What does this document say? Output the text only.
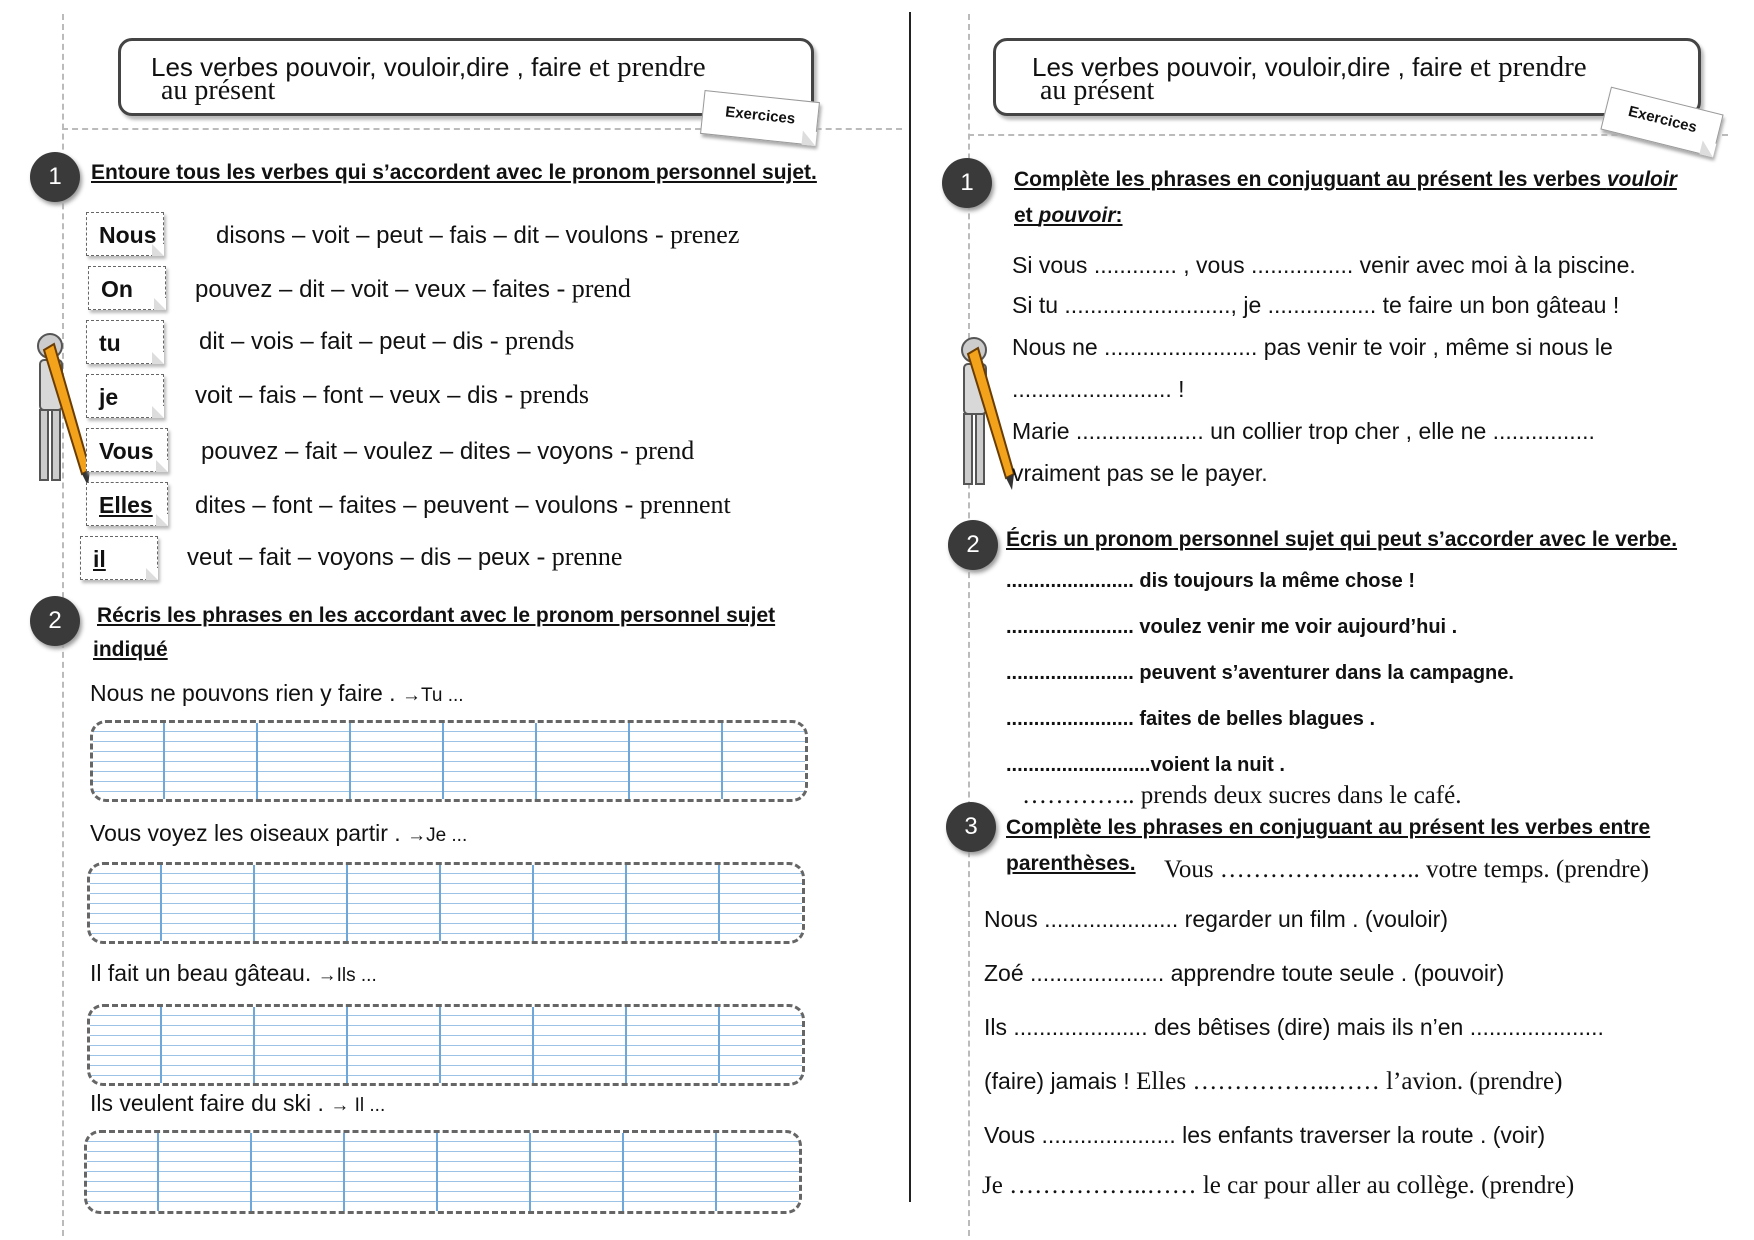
Les verbes pouvoir, vouloir,dire , faire et prendre
au présent
Exercices
Les verbes pouvoir, vouloir,dire , faire et prendre
au présent
Exercices
1	Entoure tous les verbes qui s’accordent avec le pronom personnel sujet.
Nous	disons – voit – peut – fais – dit – voulons - prenez
On	pouvez – dit – voit – veux – faites - prend
tu	dit – vois – fait – peut – dis - prends
je	voit – fais – font – veux – dis - prends
Vous	pouvez – fait – voulez – dites – voyons - prend
Elles	dites – font – faites – peuvent – voulons - prennent
il	veut – fait – voyons – dis – peux - prenne
2	Récris les phrases en les accordant avec le pronom personnel sujet
indiqué
Nous ne pouvons rien y faire . →Tu ...
Vous voyez les oiseaux partir . →Je ...
Il fait un beau gâteau. →Ils ...
Ils veulent faire du ski . → Il ...
1	Complète les phrases en conjuguant au présent les verbes vouloir
et pouvoir:
Si vous ............. , vous ................ venir avec moi à la piscine.
Si tu .........................., je ................. te faire un bon gâteau !
Nous ne ........................ pas venir te voir , même si nous le
......................... !
Marie .................... un collier trop cher , elle ne ................
vraiment pas se le payer.
2	Écris un pronom personnel sujet qui peut s’accorder avec le verbe.
....................... dis toujours la même chose !
....................... voulez venir me voir aujourd’hui .
....................... peuvent s’aventurer dans la campagne.
....................... faites de belles blagues .
..........................voient la nuit .
………….. prends deux sucres dans le café.
3	Complète les phrases en conjuguant au présent les verbes entre
parenthèses. Vous ……………..…….. votre temps. (prendre)
Nous ..................... regarder un film . (vouloir)
Zoé ..................... apprendre toute seule . (pouvoir)
Ils ..................... des bêtises (dire) mais ils n’en .....................
(faire) jamais ! Elles ……………..…… l’avion. (prendre)
Vous ..................... les enfants traverser la route . (voir)
Je ……………..…… le car pour aller au collège. (prendre)
